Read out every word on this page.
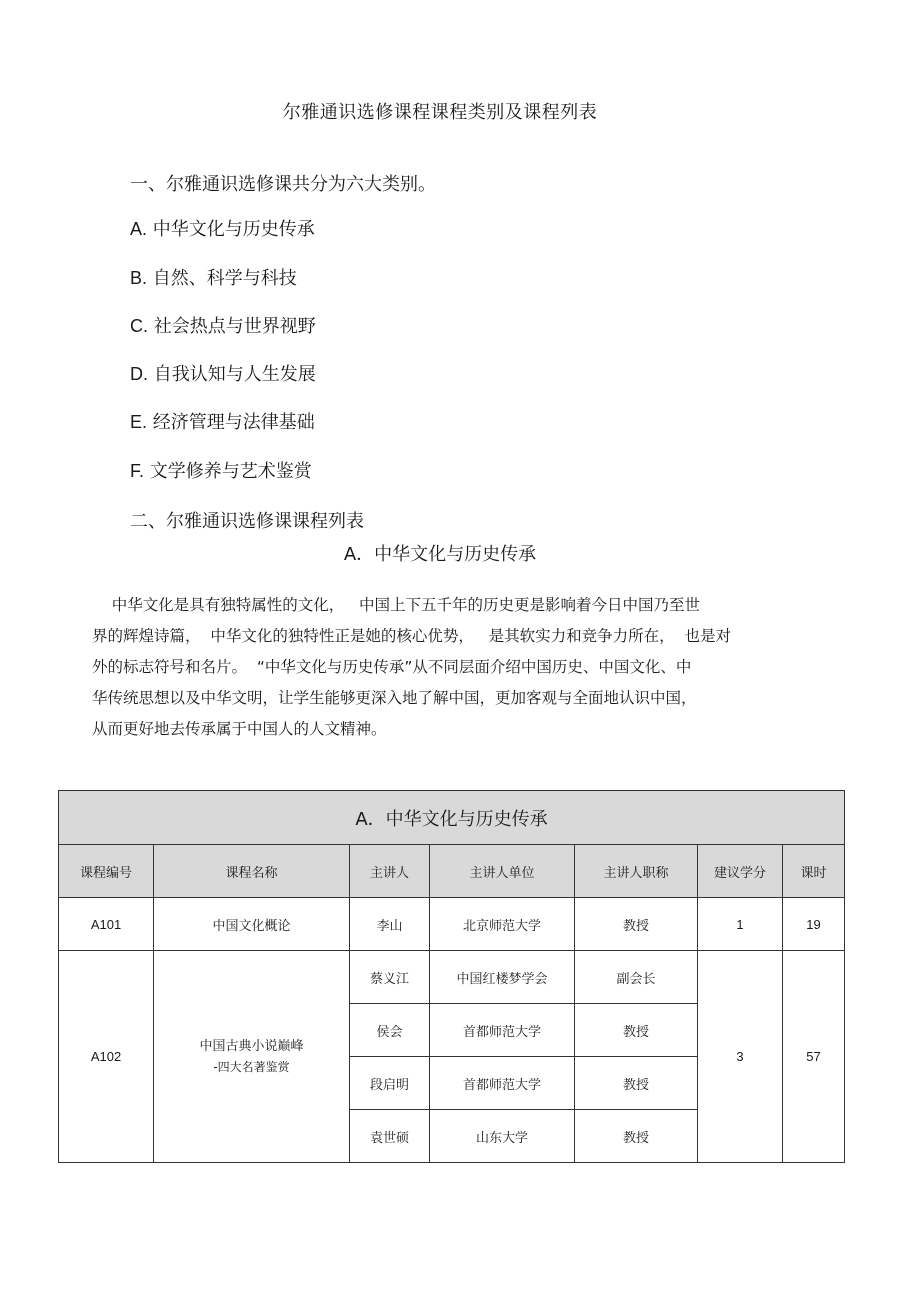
尔雅通识选修课程课程类别及课程列表
一、尔雅通识选修课共分为六大类别。
A. 中华文化与历史传承
B. 自然、科学与科技
C. 社会热点与世界视野
D. 自我认知与人生发展
E. 经济管理与法律基础
F. 文学修养与艺术鉴赏
二、尔雅通识选修课课程列表
A．中华文化与历史传承
中华文化是具有独特属性的文化，   中国上下五千年的历史更是影响着今日中国乃至世
界的辉煌诗篇，  中华文化的独特性正是她的核心优势，   是其软实力和竞争力所在，  也是对
外的标志符号和名片。  “中华文化与历史传承”从不同层面介绍中国历史、中国文化、中
华传统思想以及中华文明，让学生能够更深入地了解中国，更加客观与全面地认识中国，
从而更好地去传承属于中国人的人文精神。
A．中华文化与历史传承						
课程编号	课程名称	主讲人	主讲人单位	主讲人职称	建议学分	课时
A101	中国文化概论	李山	北京师范大学	教授	1	19
A102	中国古典小说巅峰
-四大名著鉴赏	蔡义江	中国红楼梦学会	副会长	3	57
		侯会	首都师范大学	教授		
		段启明	首都师范大学	教授		
		袁世硕	山东大学	教授		
